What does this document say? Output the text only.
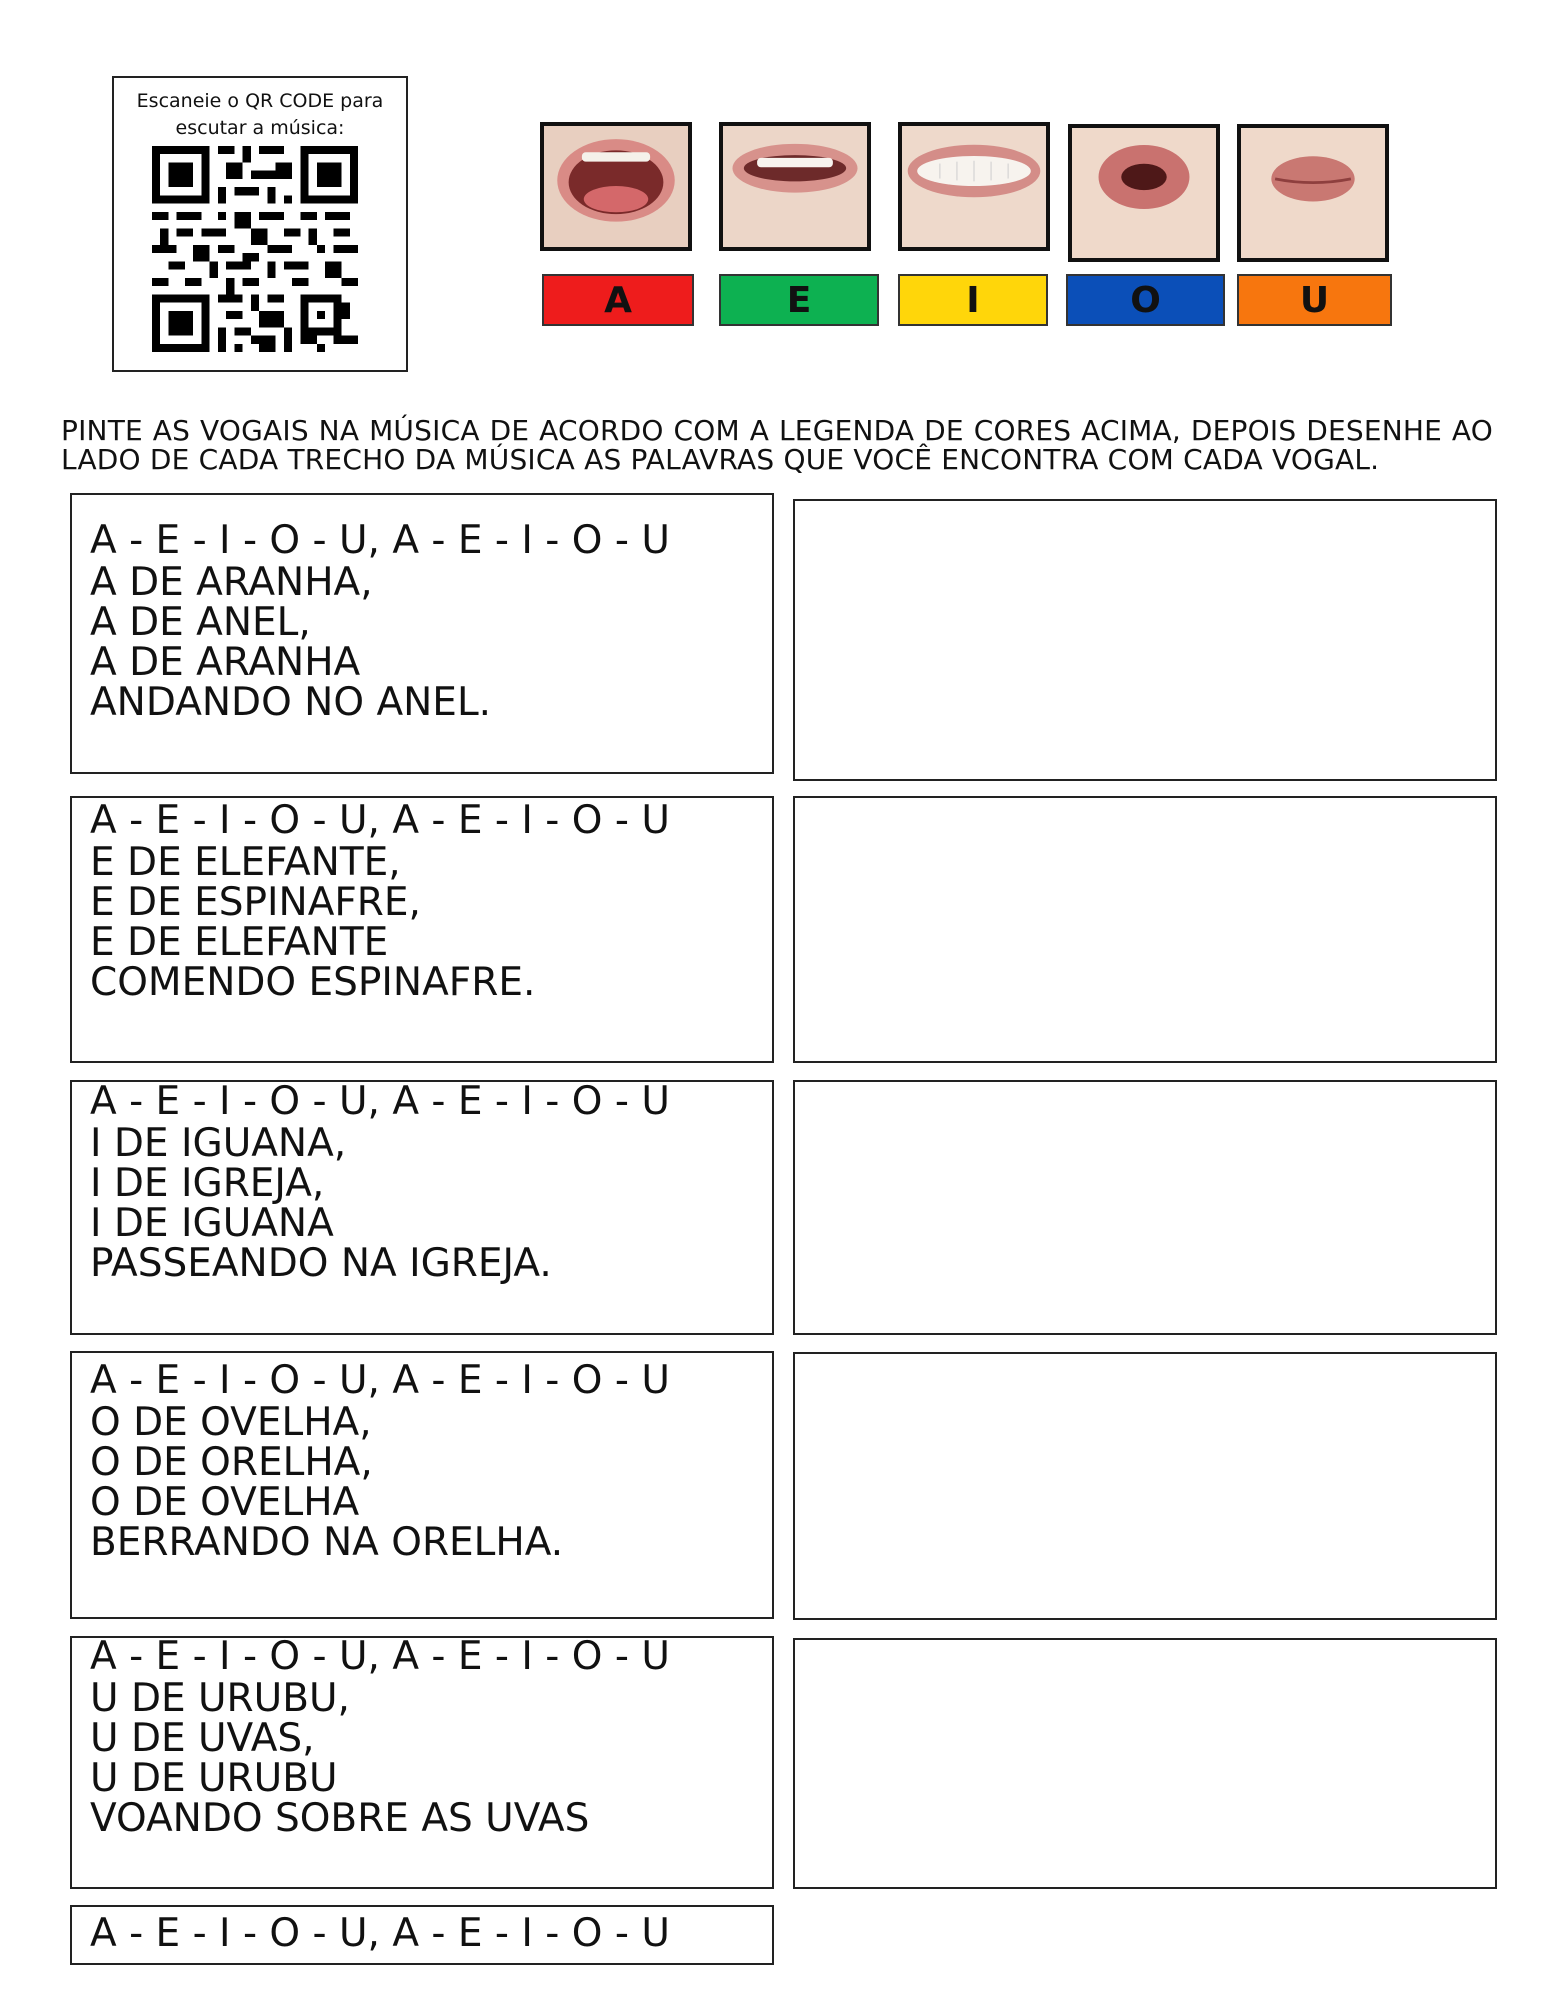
Escaneie o QR CODE para
escutar a música:
A	E	I	O	U

PINTE AS VOGAIS NA MÚSICA DE ACORDO COM A LEGENDA DE CORES ACIMA, DEPOIS DESENHE AO LADO DE CADA TRECHO DA MÚSICA AS PALAVRAS QUE VOCÊ ENCONTRA COM CADA VOGAL.

A - E - I - O - U, A - E - I - O - U

A DE ARANHA,
A DE ANEL,
A DE ARANHA
ANDANDO NO ANEL.

A - E - I - O - U, A - E - I - O - U

E DE ELEFANTE,
E DE ESPINAFRE,
E DE ELEFANTE
COMENDO ESPINAFRE.

A - E - I - O - U, A - E - I - O - U

I DE IGUANA,
I DE IGREJA,
I DE IGUANA
PASSEANDO NA IGREJA.

A - E - I - O - U, A - E - I - O - U

O DE OVELHA,
O DE ORELHA,
O DE OVELHA
BERRANDO NA ORELHA.

A - E - I - O - U, A - E - I - O - U

U DE URUBU,
U DE UVAS,
U DE URUBU
VOANDO SOBRE AS UVAS

A - E - I - O - U, A - E - I - O - U
